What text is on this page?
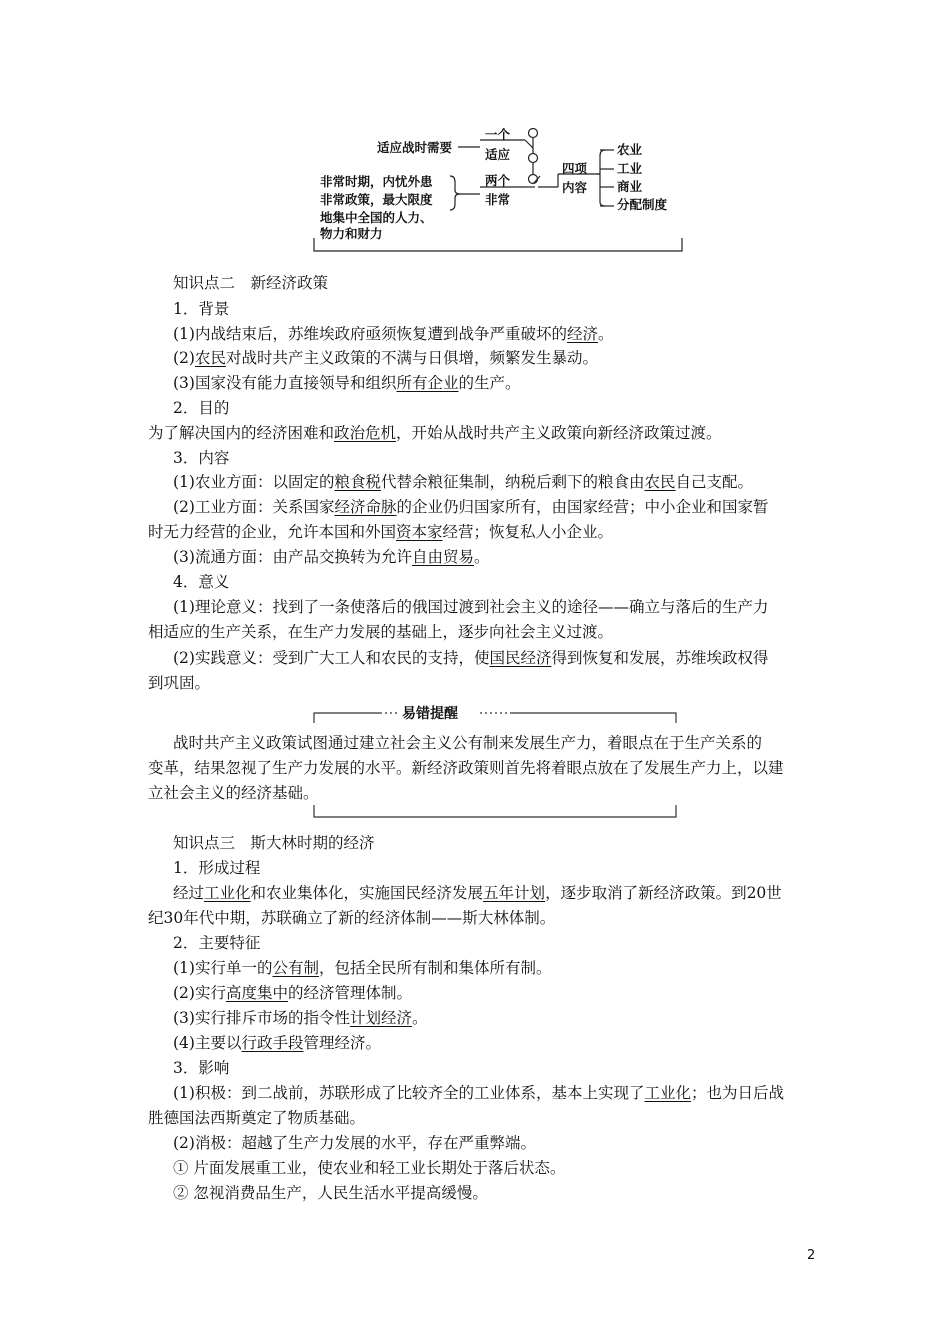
适应战时需要
非常时期，内忧外患
非常政策，最大限度
地集中全国的人力、
物力和财力
一个
适应
两个
非常
四项
内容
农业
工业
商业
分配制度
知识点二　新经济政策
1．背景
(1)内战结束后，苏维埃政府亟须恢复遭到战争严重破坏的经济。
(2)农民对战时共产主义政策的不满与日俱增，频繁发生暴动。
(3)国家没有能力直接领导和组织所有企业的生产。
2．目的
为了解决国内的经济困难和政治危机，开始从战时共产主义政策向新经济政策过渡。
3．内容
(1)农业方面：以固定的粮食税代替余粮征集制，纳税后剩下的粮食由农民自己支配。
(2)工业方面：关系国家经济命脉的企业仍归国家所有，由国家经营；中小企业和国家暂
时无力经营的企业，允许本国和外国资本家经营；恢复私人小企业。
(3)流通方面：由产品交换转为允许自由贸易。
4．意义
(1)理论意义：找到了一条使落后的俄国过渡到社会主义的途径——确立与落后的生产力
相适应的生产关系，在生产力发展的基础上，逐步向社会主义过渡。
(2)实践意义：受到广大工人和农民的支持，使国民经济得到恢复和发展，苏维埃政权得
到巩固。
易错提醒
战时共产主义政策试图通过建立社会主义公有制来发展生产力，着眼点在于生产关系的
变革，结果忽视了生产力发展的水平。新经济政策则首先将着眼点放在了发展生产力上，以建
立社会主义的经济基础。
知识点三　斯大林时期的经济
1．形成过程
经过工业化和农业集体化，实施国民经济发展五年计划，逐步取消了新经济政策。到20世
纪30年代中期，苏联确立了新的经济体制——斯大林体制。
2．主要特征
(1)实行单一的公有制，包括全民所有制和集体所有制。
(2)实行高度集中的经济管理体制。
(3)实行排斥市场的指令性计划经济。
(4)主要以行政手段管理经济。
3．影响
(1)积极：到二战前，苏联形成了比较齐全的工业体系，基本上实现了工业化；也为日后战
胜德国法西斯奠定了物质基础。
(2)消极：超越了生产力发展的水平，存在严重弊端。
① 片面发展重工业，使农业和轻工业长期处于落后状态。
② 忽视消费品生产，人民生活水平提高缓慢。
2
